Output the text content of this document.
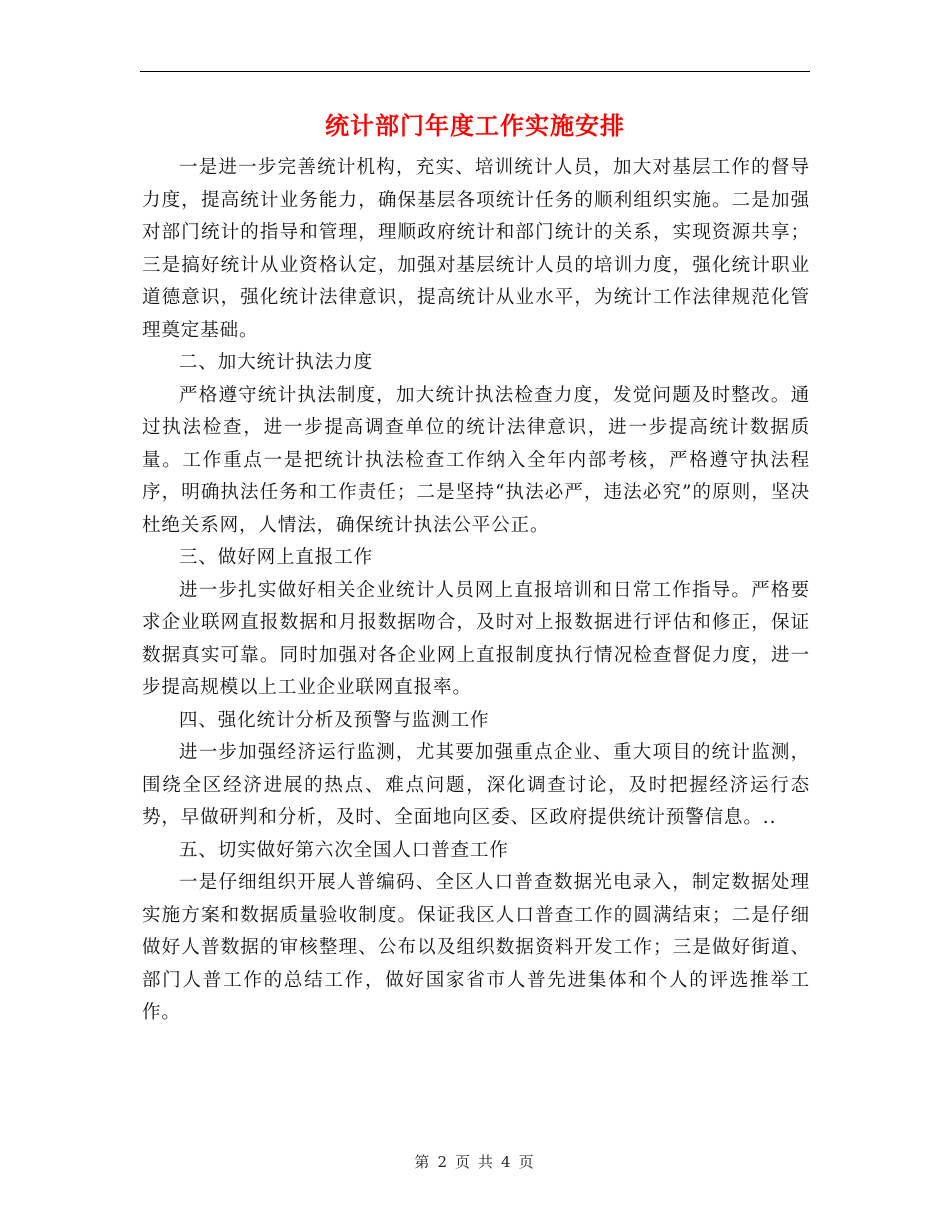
统计部门年度工作实施安排

一是进一步完善统计机构，充实、培训统计人员，加大对基层工作的督导力度，提高统计业务能力，确保基层各项统计任务的顺利组织实施。二是加强对部门统计的指导和管理，理顺政府统计和部门统计的关系，实现资源共享；三是搞好统计从业资格认定，加强对基层统计人员的培训力度，强化统计职业道德意识，强化统计法律意识，提高统计从业水平，为统计工作法律规范化管理奠定基础。

二、加大统计执法力度

严格遵守统计执法制度，加大统计执法检查力度，发觉问题及时整改。通过执法检查，进一步提高调查单位的统计法律意识，进一步提高统计数据质量。工作重点一是把统计执法检查工作纳入全年内部考核，严格遵守执法程序，明确执法任务和工作责任；二是坚持“执法必严，违法必究”的原则，坚决杜绝关系网，人情法，确保统计执法公平公正。

三、做好网上直报工作

进一步扎实做好相关企业统计人员网上直报培训和日常工作指导。严格要求企业联网直报数据和月报数据吻合，及时对上报数据进行评估和修正，保证数据真实可靠。同时加强对各企业网上直报制度执行情况检查督促力度，进一步提高规模以上工业企业联网直报率。

四、强化统计分析及预警与监测工作

进一步加强经济运行监测，尤其要加强重点企业、重大项目的统计监测，围绕全区经济进展的热点、难点问题，深化调查讨论，及时把握经济运行态势，早做研判和分析，及时、全面地向区委、区政府提供统计预警信息。..

五、切实做好第六次全国人口普查工作

一是仔细组织开展人普编码、全区人口普查数据光电录入，制定数据处理实施方案和数据质量验收制度。保证我区人口普查工作的圆满结束；二是仔细做好人普数据的审核整理、公布以及组织数据资料开发工作；三是做好街道、部门人普工作的总结工作，做好国家省市人普先进集体和个人的评选推举工作。

第 2 页 共 4 页
